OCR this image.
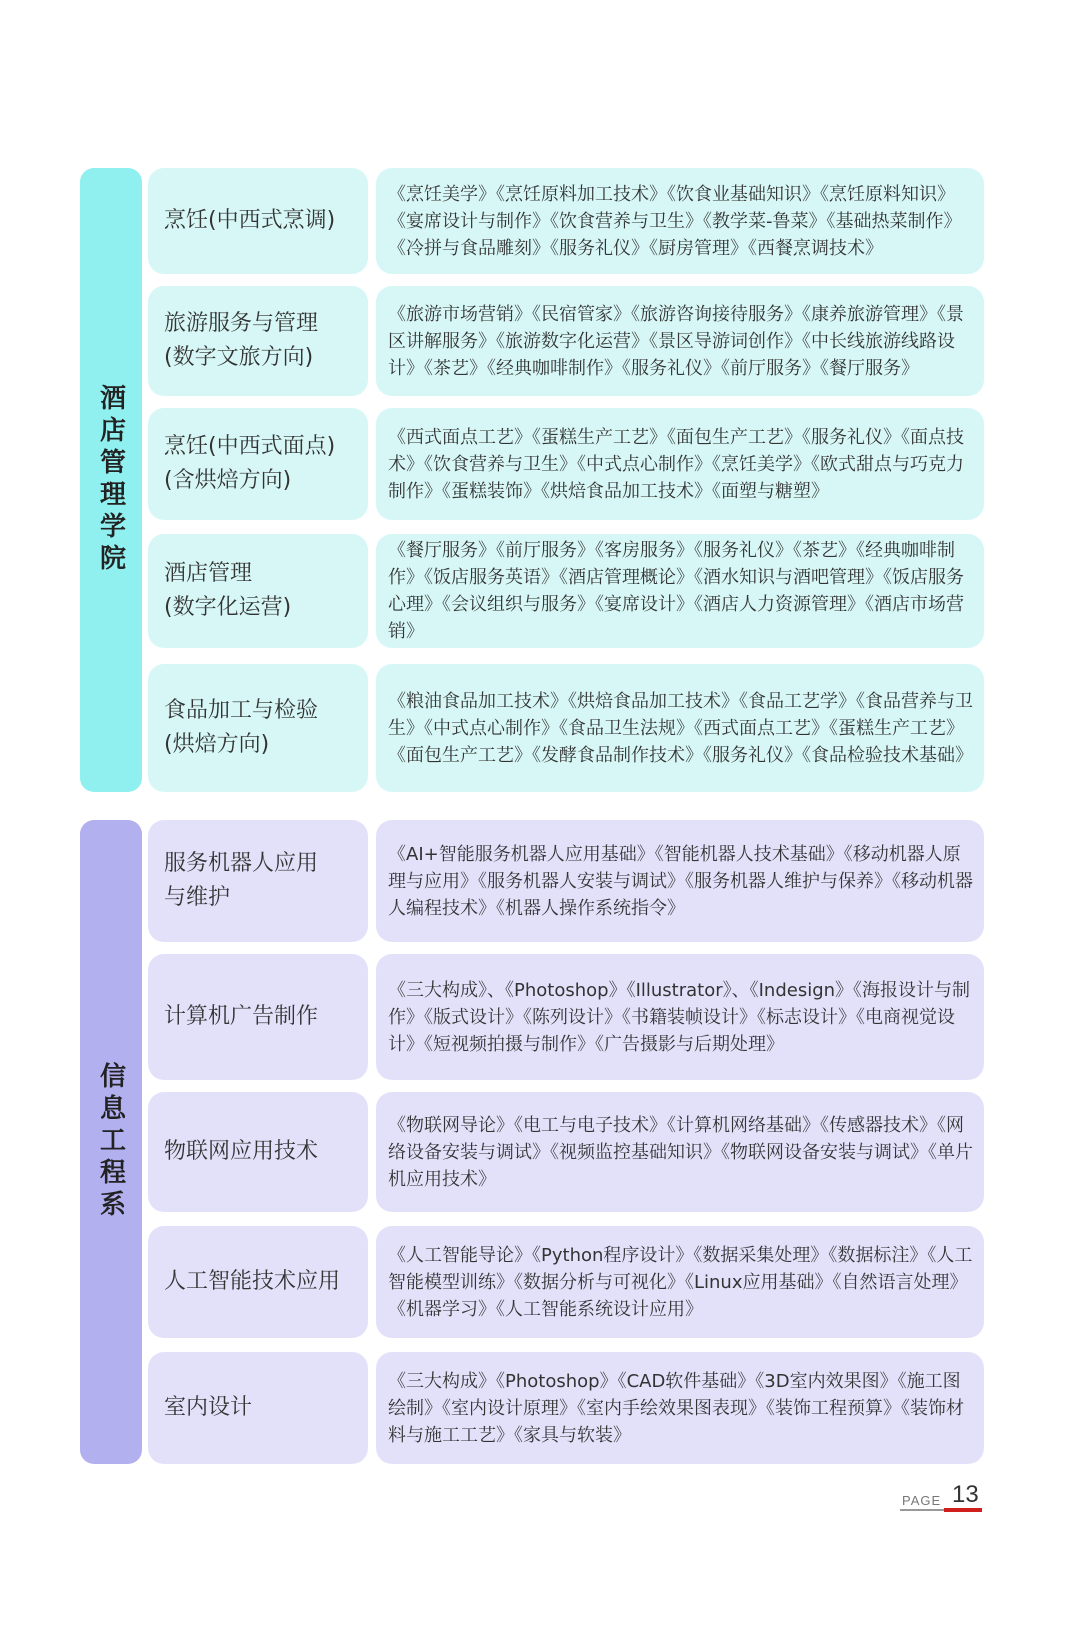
酒店管理学院
烹饪(中西式烹调)
《烹饪美学》《烹饪原料加工技术》《饮食业基础知识》《烹饪原料知识》《宴席设计与制作》《饮食营养与卫生》《教学菜-鲁菜》《基础热菜制作》《冷拼与食品雕刻》《服务礼仪》《厨房管理》《西餐烹调技术》
旅游服务与管理
(数字文旅方向)
《旅游市场营销》《民宿管家》《旅游咨询接待服务》《康养旅游管理》《景区讲解服务》《旅游数字化运营》《景区导游词创作》《中长线旅游线路设计》《茶艺》《经典咖啡制作》《服务礼仪》《前厅服务》《餐厅服务》
烹饪(中西式面点)
(含烘焙方向)
《西式面点工艺》《蛋糕生产工艺》《面包生产工艺》《服务礼仪》《面点技术》《饮食营养与卫生》《中式点心制作》《烹饪美学》《欧式甜点与巧克力制作》《蛋糕装饰》《烘焙食品加工技术》《面塑与糖塑》
酒店管理
(数字化运营)
《餐厅服务》《前厅服务》《客房服务》《服务礼仪》《茶艺》《经典咖啡制作》《饭店服务英语》《酒店管理概论》《酒水知识与酒吧管理》《饭店服务心理》《会议组织与服务》《宴席设计》《酒店人力资源管理》《酒店市场营销》
食品加工与检验
(烘焙方向)
《粮油食品加工技术》《烘焙食品加工技术》《食品工艺学》《食品营养与卫生》《中式点心制作》《食品卫生法规》《西式面点工艺》《蛋糕生产工艺》《面包生产工艺》《发酵食品制作技术》《服务礼仪》《食品检验技术基础》
信息工程系
服务机器人应用
与维护
《AI+智能服务机器人应用基础》《智能机器人技术基础》《移动机器人原理与应用》《服务机器人安装与调试》《服务机器人维护与保养》《移动机器人编程技术》《机器人操作系统指令》
计算机广告制作
《三大构成》、《Photoshop》《Illustrator》、《Indesign》《海报设计与制作》《版式设计》《陈列设计》《书籍装帧设计》《标志设计》《电商视觉设计》《短视频拍摄与制作》《广告摄影与后期处理》
物联网应用技术
《物联网导论》《电工与电子技术》《计算机网络基础》《传感器技术》《网络设备安装与调试》《视频监控基础知识》《物联网设备安装与调试》《单片机应用技术》
人工智能技术应用
《人工智能导论》《Python程序设计》《数据采集处理》《数据标注》《人工智能模型训练》《数据分析与可视化》《Linux应用基础》《自然语言处理》《机器学习》《人工智能系统设计应用》
室内设计
《三大构成》《Photoshop》《CAD软件基础》《3D室内效果图》《施工图绘制》《室内设计原理》《室内手绘效果图表现》《装饰工程预算》《装饰材料与施工工艺》《家具与软装》
PAGE 13
